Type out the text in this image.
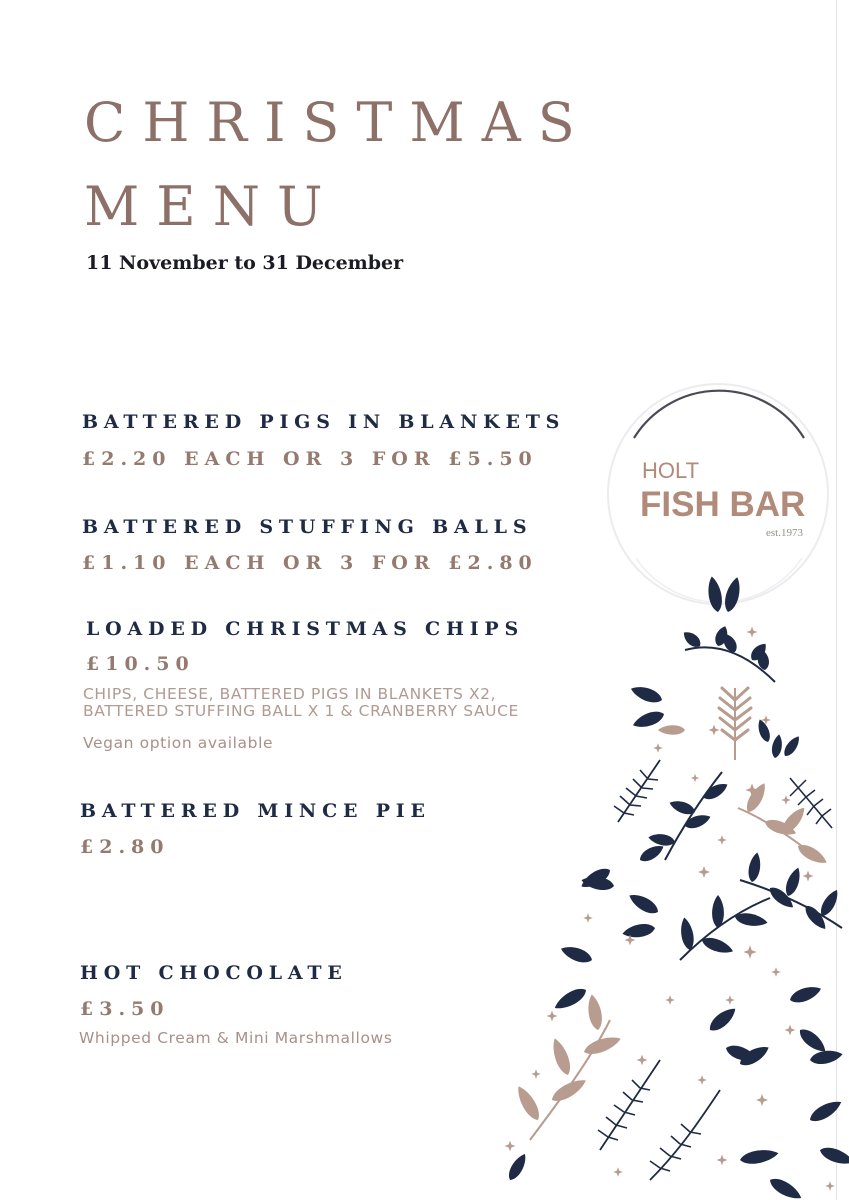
CHRISTMAS
MENU
11 November to 31 December
BATTERED PIGS IN BLANKETS
£2.20 EACH OR 3 FOR £5.50
BATTERED STUFFING BALLS
£1.10 EACH OR 3 FOR £2.80
LOADED CHRISTMAS CHIPS
£10.50
CHIPS, CHEESE, BATTERED PIGS IN BLANKETS X2,
BATTERED STUFFING BALL X 1 & CRANBERRY SAUCE
Vegan option available
BATTERED MINCE PIE
£2.80
HOT CHOCOLATE
£3.50
Whipped Cream & Mini Marshmallows
HOLT
FISH BAR
est.1973
